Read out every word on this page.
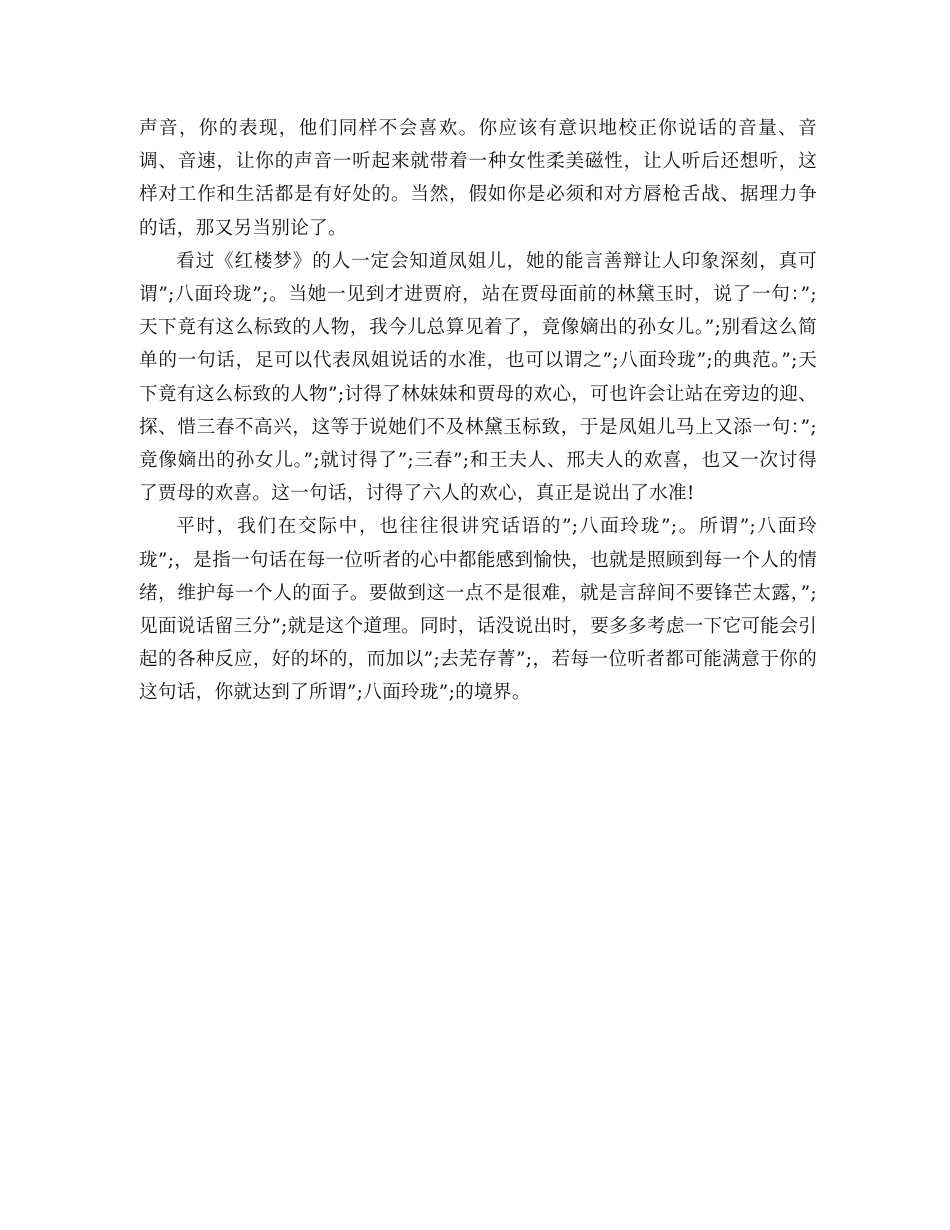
声音，你的表现，他们同样不会喜欢。你应该有意识地校正你说话的音量、音调、音速，让你的声音一听起来就带着一种女性柔美磁性，让人听后还想听，这样对工作和生活都是有好处的。当然，假如你是必须和对方唇枪舌战、据理力争的话，那又另当别论了。

看过《红楼梦》的人一定会知道凤姐儿，她的能言善辩让人印象深刻，真可谓”;八面玲珑”;。当她一见到才进贾府，站在贾母面前的林黛玉时，说了一句：”;天下竟有这么标致的人物，我今儿总算见着了，竟像嫡出的孙女儿。”;别看这么简单的一句话，足可以代表凤姐说话的水准，也可以谓之”;八面玲珑”;的典范。”;天下竟有这么标致的人物”;讨得了林妹妹和贾母的欢心，可也许会让站在旁边的迎、探、惜三春不高兴，这等于说她们不及林黛玉标致，于是凤姐儿马上又添一句：”;竟像嫡出的孙女儿。”;就讨得了”;三春”;和王夫人、邢夫人的欢喜，也又一次讨得了贾母的欢喜。这一句话，讨得了六人的欢心，真正是说出了水准!

平时，我们在交际中，也往往很讲究话语的”;八面玲珑”;。所谓”;八面玲珑”;，是指一句话在每一位听者的心中都能感到愉快，也就是照顾到每一个人的情绪，维护每一个人的面子。要做到这一点不是很难，就是言辞间不要锋芒太露，”;见面说话留三分”;就是这个道理。同时，话没说出时，要多多考虑一下它可能会引起的各种反应，好的坏的，而加以”;去芜存菁”;，若每一位听者都可能满意于你的这句话，你就达到了所谓”;八面玲珑”;的境界。
